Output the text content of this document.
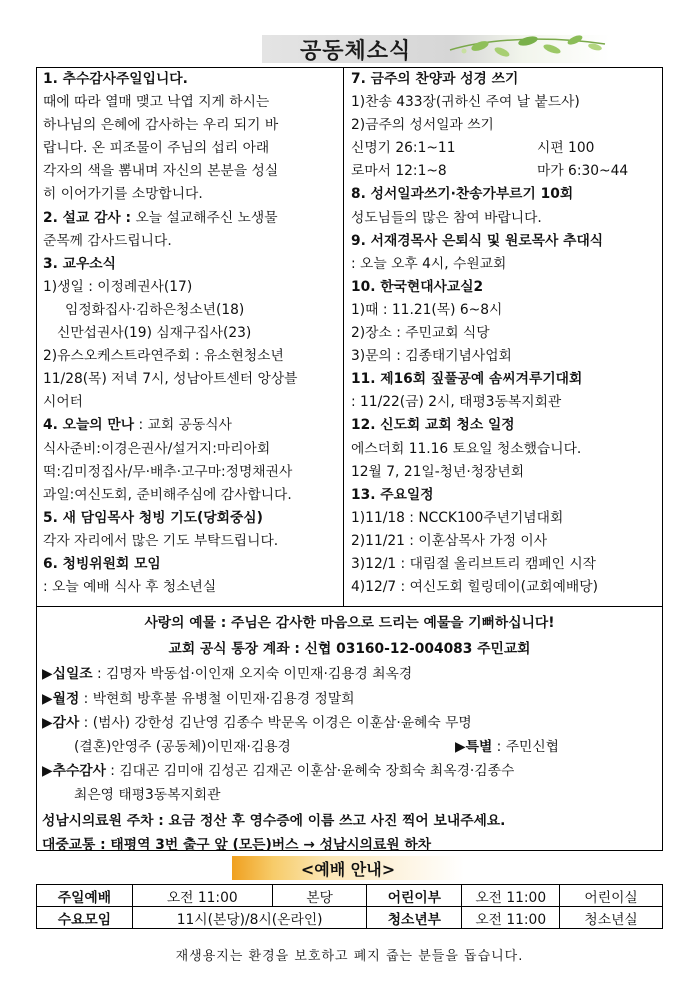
공동체소식
1. 추수감사주일입니다.
때에 따라 열매 맺고 낙엽 지게 하시는
하나님의 은혜에 감사하는 우리 되기 바
랍니다. 온 피조물이 주님의 섭리 아래
각자의 색을 뽐내며 자신의 본분을 성실
히 이어가기를 소망합니다.
2. 설교 감사 : 오늘 설교해주신 노생물
준목께 감사드립니다.
3. 교우소식
1)생일 : 이정례권사(17)
임정화집사·김하은청소년(18)
신만섭권사(19) 심재구집사(23)
2)유스오케스트라연주회 : 유소현청소년
11/28(목) 저녁 7시, 성남아트센터 앙상블
시어터
4. 오늘의 만나 : 교회 공동식사
식사준비:이경은권사/설거지:마리아회
떡:김미정집사/무·배추·고구마:정명채권사
과일:여신도회, 준비해주심에 감사합니다.
5. 새 담임목사 청빙 기도(당회중심)
각자 자리에서 많은 기도 부탁드립니다.
6. 청빙위원회 모임
: 오늘 예배 식사 후 청소년실
7. 금주의 찬양과 성경 쓰기
1)찬송 433장(귀하신 주여 날 붙드사)
2)금주의 성서일과 쓰기
신명기 26:1~11	시편 100
로마서 12:1~8	마가 6:30~44
8. 성서일과쓰기·찬송가부르기 10회
성도님들의 많은 참여 바랍니다.
9. 서재경목사 은퇴식 및 원로목사 추대식
: 오늘 오후 4시, 수원교회
10. 한국현대사교실2
1)때 : 11.21(목) 6~8시
2)장소 : 주민교회 식당
3)문의 : 김종태기념사업회
11. 제16회 짚풀공예 솜씨겨루기대회
: 11/22(금) 2시, 태평3동복지회관
12. 신도회 교회 청소 일정
에스더회 11.16 토요일 청소했습니다.
12월 7, 21일-청년·청장년회
13. 주요일정
1)11/18 : NCCK100주년기념대회
2)11/21 : 이훈삼목사 가정 이사
3)12/1 : 대림절 올리브트리 캠페인 시작
4)12/7 : 여신도회 힐링데이(교회예배당)
사랑의 예물 : 주님은 감사한 마음으로 드리는 예물을 기뻐하십니다!
교회 공식 통장 계좌 : 신협 03160-12-004083 주민교회
▶십일조 : 김명자 박동섭·이인재 오지숙 이민재·김용경 최옥경
▶월정 : 박현희 방후불 유병철 이민재·김용경 정말희
▶감사 : (범사) 강한성 김난영 김종수 박문옥 이경은 이훈삼·윤혜숙 무명
(결혼)안영주 (공동체)이민재·김용경	▶특별 : 주민신협
▶추수감사 : 김대곤 김미애 김성곤 김재곤 이훈삼·윤혜숙 장희숙 최옥경·김종수
최은영 태평3동복지회관
성남시의료원 주차 : 요금 정산 후 영수증에 이름 쓰고 사진 찍어 보내주세요.
대중교통 : 태평역 3번 출구 앞 (모든)버스 → 성남시의료원 하차
<예배 안내>
주일예배	오전 11:00	본당	어린이부	오전 11:00	어린이실
수요모임	11시(본당)/8시(온라인)		청소년부	오전 11:00	청소년실
재생용지는 환경을 보호하고 폐지 줍는 분들을 돕습니다.
